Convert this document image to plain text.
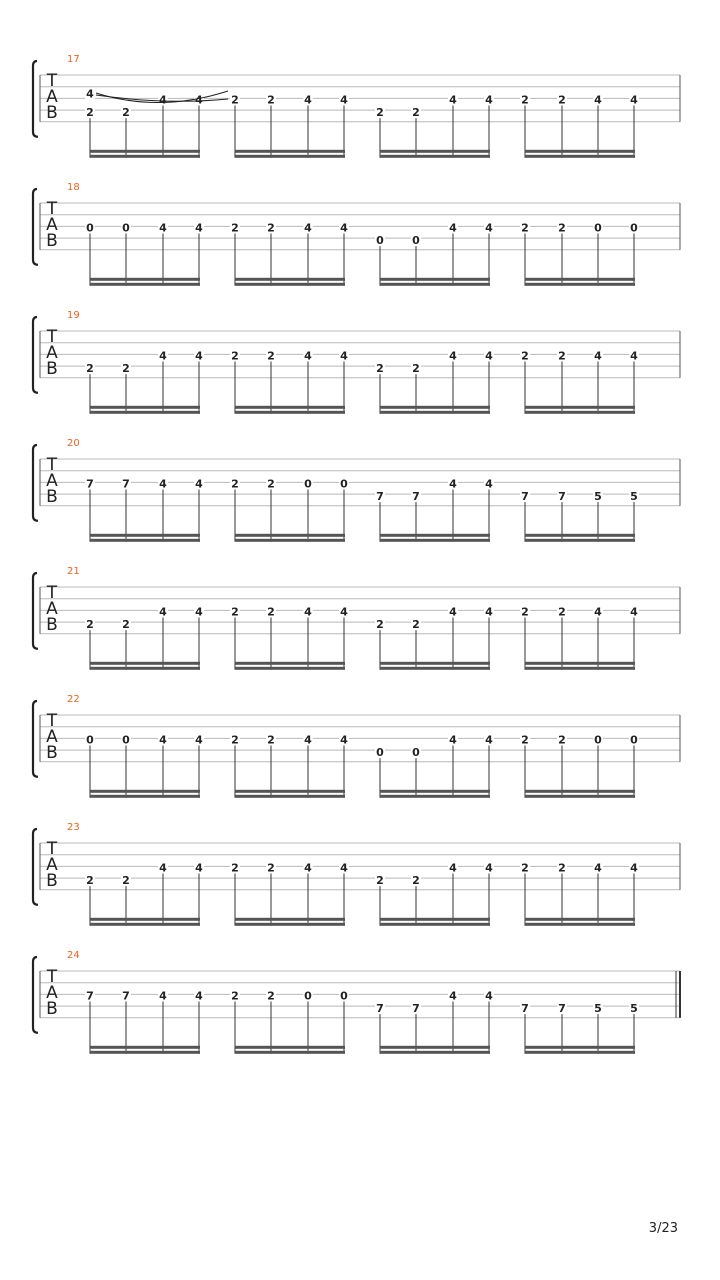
17
T
A
B
4	4	4	2	2	4	4	4	4	2	2	4	4
2	2	2	2
18
T
A
B
0	0	4	4	2	2	4	4	4	4	2	2	0	0
0	0
19
T
A
B
4	4	2	2	4	4	4	4	2	2	4	4
2	2	2	2
20
T
A
B
7	7	4	4	2	2	0	0	4	4
7	7	7	7	5	5
21
T
A
B
4	4	2	2	4	4	4	4	2	2	4	4
2	2	2	2
22
T
A
B
0	0	4	4	2	2	4	4	4	4	2	2	0	0
0	0
23
T
A
B
4	4	2	2	4	4	4	4	2	2	4	4
2	2	2	2
24
T
A
B
7	7	4	4	2	2	0	0	4	4
7	7	7	7	5	5
3/23
